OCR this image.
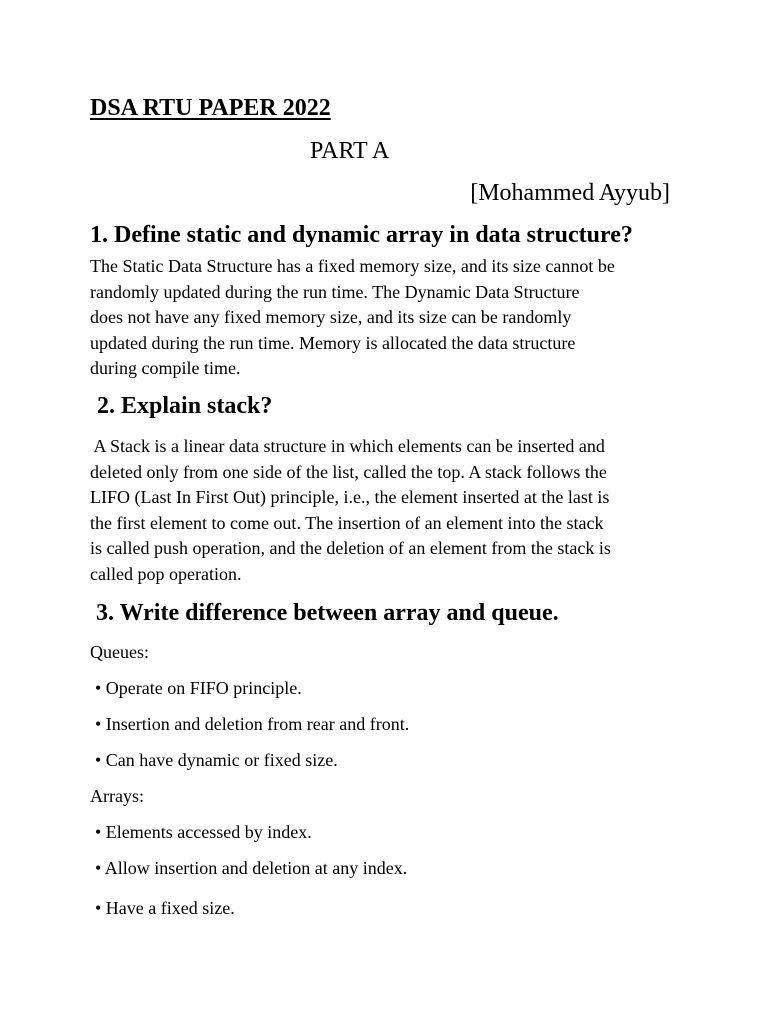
DSA RTU PAPER 2022
PART A
[Mohammed Ayyub]
1. Define static and dynamic array in data structure?

The Static Data Structure has a fixed memory size, and its size cannot be
randomly updated during the run time. The Dynamic Data Structure
does not have any fixed memory size, and its size can be randomly
updated during the run time. Memory is allocated the data structure
during compile time.

2. Explain stack?

A Stack is a linear data structure in which elements can be inserted and
deleted only from one side of the list, called the top. A stack follows the
LIFO (Last In First Out) principle, i.e., the element inserted at the last is
the first element to come out. The insertion of an element into the stack
is called push operation, and the deletion of an element from the stack is
called pop operation.

3. Write difference between array and queue.
Queues:
• Operate on FIFO principle.
• Insertion and deletion from rear and front.
• Can have dynamic or fixed size.
Arrays:
• Elements accessed by index.
• Allow insertion and deletion at any index.
• Have a fixed size.
